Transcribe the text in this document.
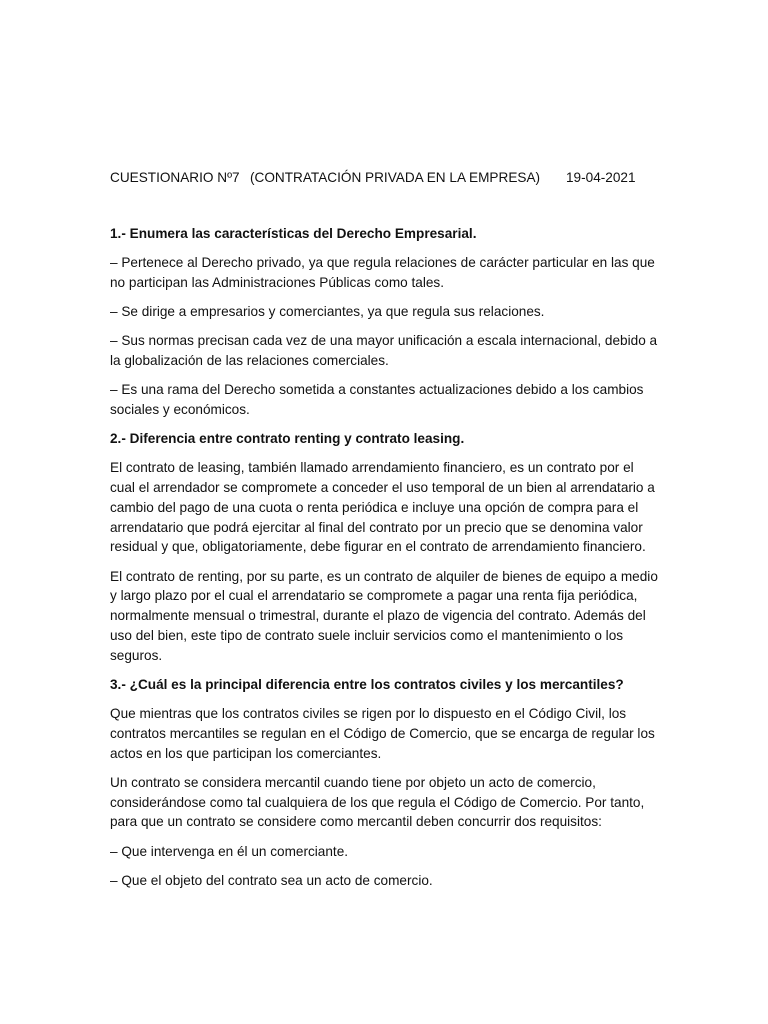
CUESTIONARIO Nº7 (CONTRATACIÓN PRIVADA EN LA EMPRESA) 19-04-2021

1.- Enumera las características del Derecho Empresarial.

– Pertenece al Derecho privado, ya que regula relaciones de carácter particular en las que no participan las Administraciones Públicas como tales.

– Se dirige a empresarios y comerciantes, ya que regula sus relaciones.

– Sus normas precisan cada vez de una mayor unificación a escala internacional, debido a la globalización de las relaciones comerciales.

– Es una rama del Derecho sometida a constantes actualizaciones debido a los cambios sociales y económicos.

2.- Diferencia entre contrato renting y contrato leasing.

El contrato de leasing, también llamado arrendamiento financiero, es un contrato por el cual el arrendador se compromete a conceder el uso temporal de un bien al arrendatario a cambio del pago de una cuota o renta periódica e incluye una opción de compra para el arrendatario que podrá ejercitar al final del contrato por un precio que se denomina valor residual y que, obligatoriamente, debe figurar en el contrato de arrendamiento financiero.

El contrato de renting, por su parte, es un contrato de alquiler de bienes de equipo a medio y largo plazo por el cual el arrendatario se compromete a pagar una renta fija periódica, normalmente mensual o trimestral, durante el plazo de vigencia del contrato. Además del uso del bien, este tipo de contrato suele incluir servicios como el mantenimiento o los seguros.

3.- ¿Cuál es la principal diferencia entre los contratos civiles y los mercantiles?

Que mientras que los contratos civiles se rigen por lo dispuesto en el Código Civil, los contratos mercantiles se regulan en el Código de Comercio, que se encarga de regular los actos en los que participan los comerciantes.

Un contrato se considera mercantil cuando tiene por objeto un acto de comercio, considerándose como tal cualquiera de los que regula el Código de Comercio. Por tanto, para que un contrato se considere como mercantil deben concurrir dos requisitos:

– Que intervenga en él un comerciante.

– Que el objeto del contrato sea un acto de comercio.
